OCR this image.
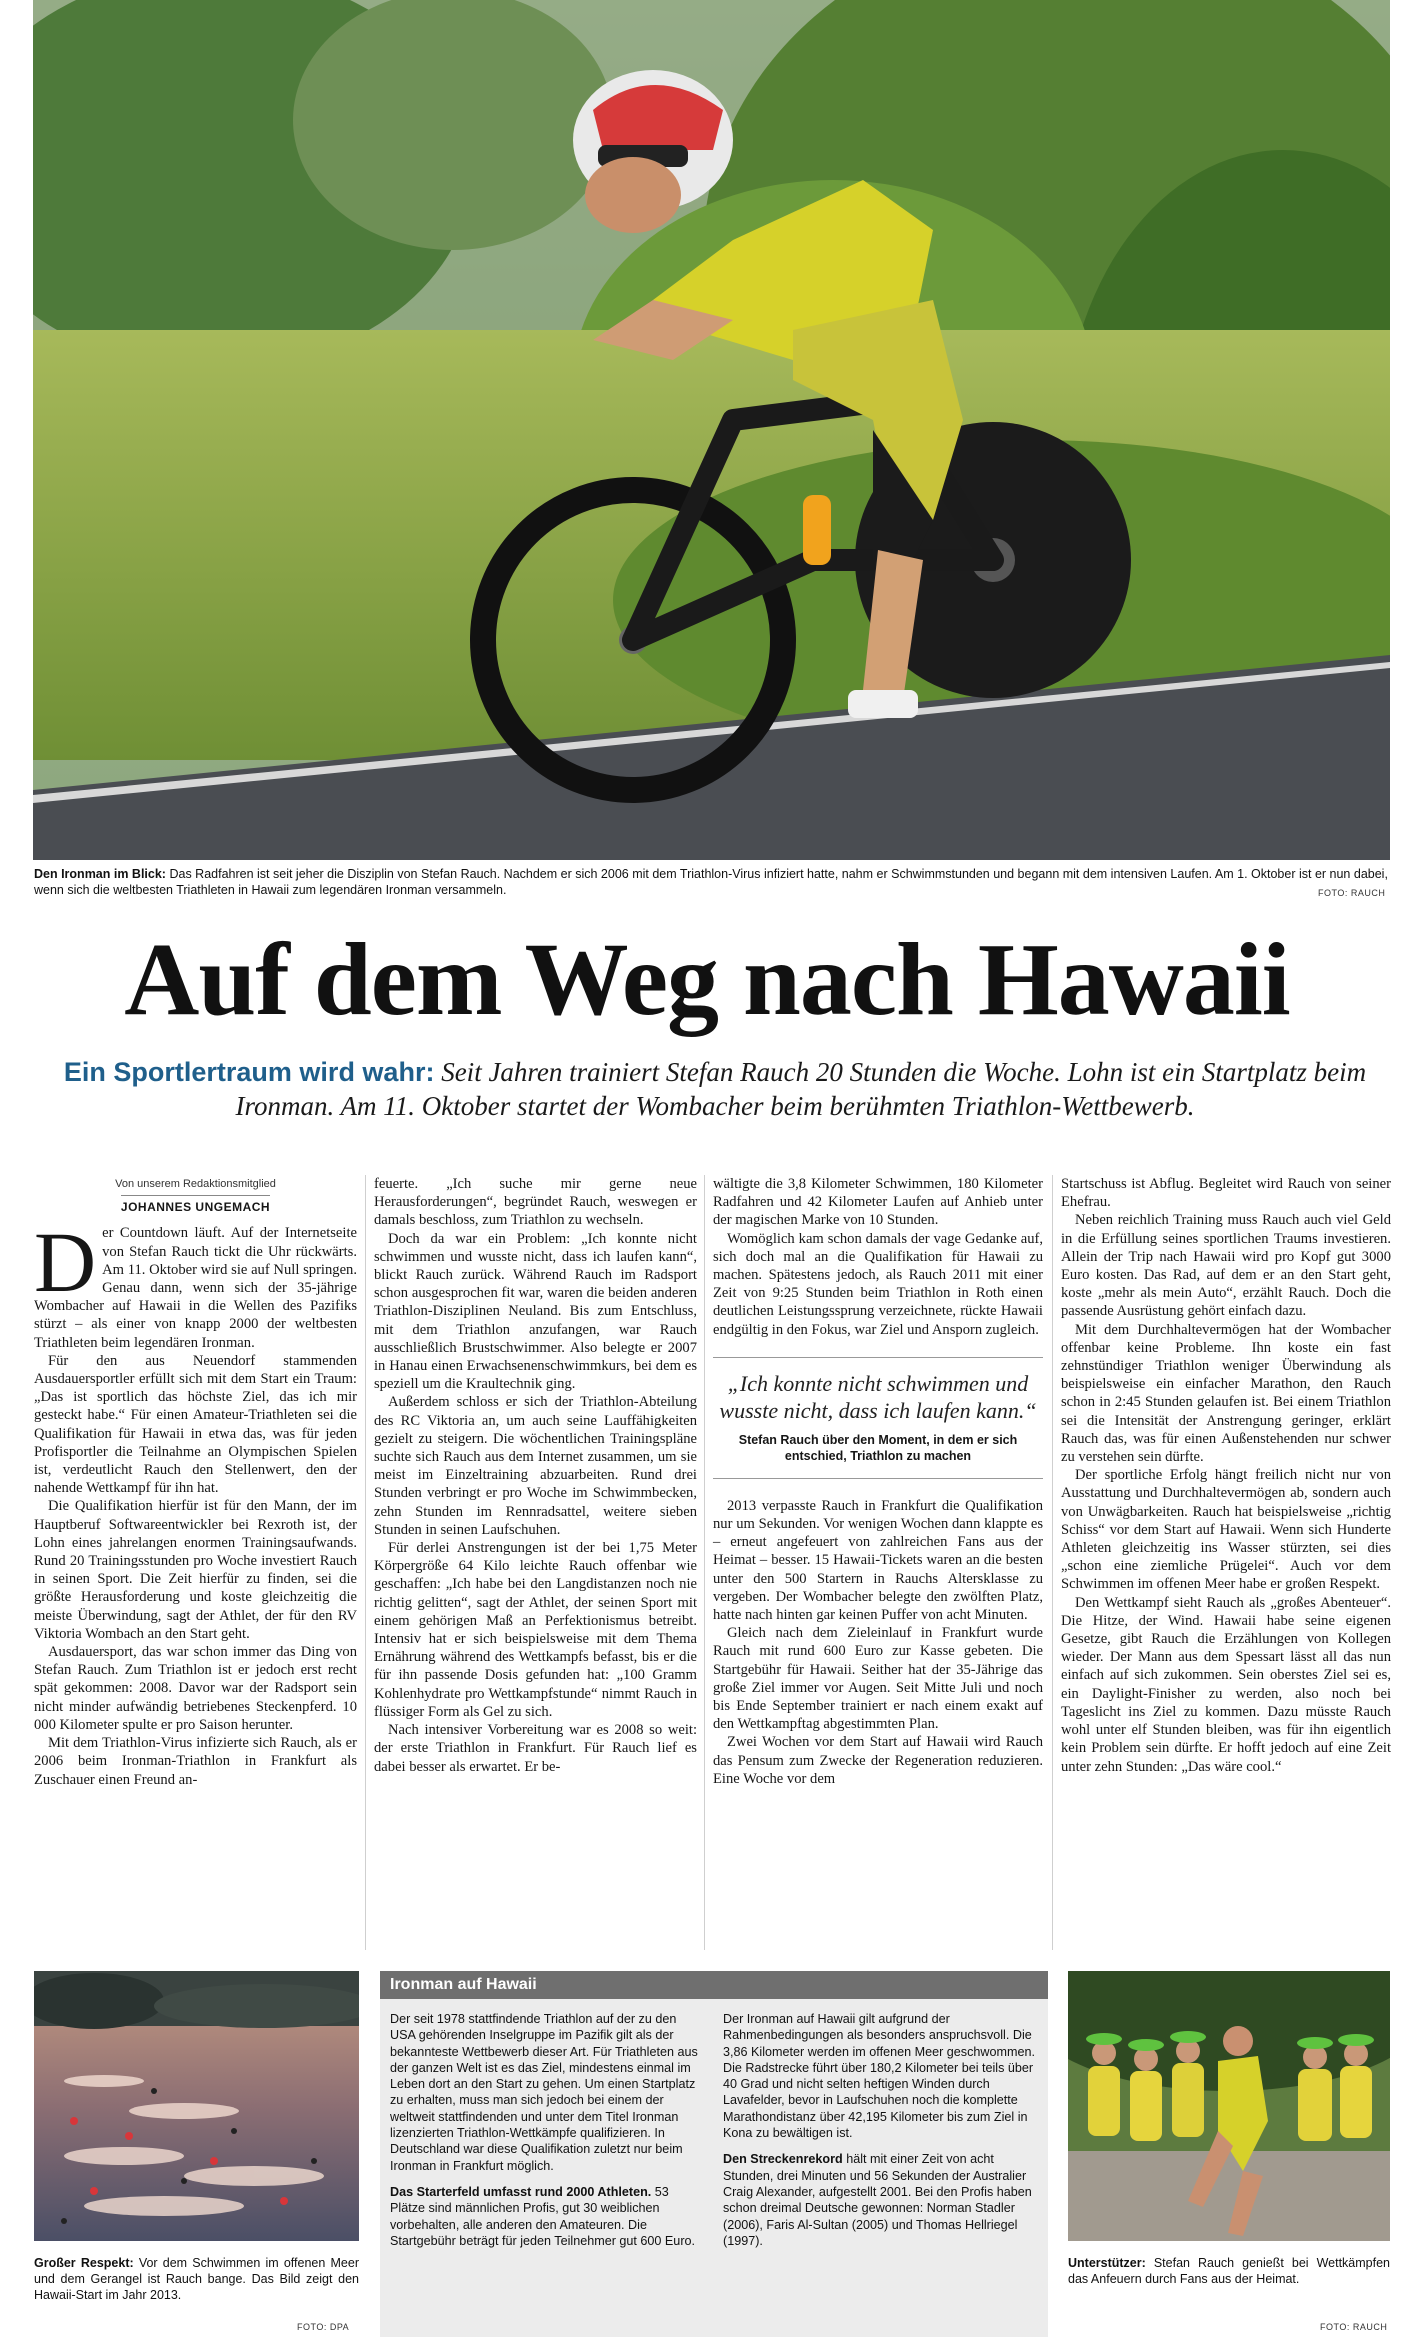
Den Ironman im Blick: Das Radfahren ist seit jeher die Disziplin von Stefan Rauch. Nachdem er sich 2006 mit dem Triathlon-Virus infiziert hatte, nahm er Schwimmstunden und begann mit dem intensiven Laufen. Am 1. Oktober ist er nun dabei, wenn sich die weltbesten Triathleten in Hawaii zum legendären Ironman versammeln.	FOTO: RAUCH
Auf dem Weg nach Hawaii
Ein Sportlertraum wird wahr: Seit Jahren trainiert Stefan Rauch 20 Stunden die Woche. Lohn ist ein Startplatz beim Ironman. Am 11. Oktober startet der Wombacher beim berühmten Triathlon-Wettbewerb.
Von unserem Redaktionsmitglied
JOHANNES UNGEMACH

Der Countdown läuft. Auf der Internetseite von Stefan Rauch tickt die Uhr rückwärts. Am 11. Oktober wird sie auf Null springen. Genau dann, wenn sich der 35-jährige Wombacher auf Hawaii in die Wellen des Pazifiks stürzt – als einer von knapp 2000 der weltbesten Triathleten beim legendären Ironman.

Für den aus Neuendorf stammenden Ausdauersportler erfüllt sich mit dem Start ein Traum: „Das ist sportlich das höchste Ziel, das ich mir gesteckt habe.“ Für einen Amateur-Triathleten sei die Qualifikation für Hawaii in etwa das, was für jeden Profisportler die Teilnahme an Olympischen Spielen ist, verdeutlicht Rauch den Stellenwert, den der nahende Wettkampf für ihn hat.

Die Qualifikation hierfür ist für den Mann, der im Hauptberuf Softwareentwickler bei Rexroth ist, der Lohn eines jahrelangen enormen Trainingsaufwands. Rund 20 Trainingsstunden pro Woche investiert Rauch in seinen Sport. Die Zeit hierfür zu finden, sei die größte Herausforderung und koste gleichzeitig die meiste Überwindung, sagt der Athlet, der für den RV Viktoria Wombach an den Start geht.

Ausdauersport, das war schon immer das Ding von Stefan Rauch. Zum Triathlon ist er jedoch erst recht spät gekommen: 2008. Davor war der Radsport sein nicht minder aufwändig betriebenes Steckenpferd. 10 000 Kilometer spulte er pro Saison herunter.

Mit dem Triathlon-Virus infizierte sich Rauch, als er 2006 beim Ironman-Triathlon in Frankfurt als Zuschauer einen Freund an-

feuerte. „Ich suche mir gerne neue Herausforderungen“, begründet Rauch, weswegen er damals beschloss, zum Triathlon zu wechseln.

Doch da war ein Problem: „Ich konnte nicht schwimmen und wusste nicht, dass ich laufen kann“, blickt Rauch zurück. Während Rauch im Radsport schon ausgesprochen fit war, waren die beiden anderen Triathlon-Disziplinen Neuland. Bis zum Entschluss, mit dem Triathlon anzufangen, war Rauch ausschließlich Brustschwimmer. Also belegte er 2007 in Hanau einen Erwachsenenschwimmkurs, bei dem es speziell um die Kraultechnik ging.

Außerdem schloss er sich der Triathlon-Abteilung des RC Viktoria an, um auch seine Lauffähigkeiten gezielt zu steigern. Die wöchentlichen Trainingspläne suchte sich Rauch aus dem Internet zusammen, um sie meist im Einzeltraining abzuarbeiten. Rund drei Stunden verbringt er pro Woche im Schwimmbecken, zehn Stunden im Rennradsattel, weitere sieben Stunden in seinen Laufschuhen.

Für derlei Anstrengungen ist der bei 1,75 Meter Körpergröße 64 Kilo leichte Rauch offenbar wie geschaffen: „Ich habe bei den Langdistanzen noch nie richtig gelitten“, sagt der Athlet, der seinen Sport mit einem gehörigen Maß an Perfektionismus betreibt. Intensiv hat er sich beispielsweise mit dem Thema Ernährung während des Wettkampfs befasst, bis er die für ihn passende Dosis gefunden hat: „100 Gramm Kohlenhydrate pro Wettkampfstunde“ nimmt Rauch in flüssiger Form als Gel zu sich.

Nach intensiver Vorbereitung war es 2008 so weit: der erste Triathlon in Frankfurt. Für Rauch lief es dabei besser als erwartet. Er be-

wältigte die 3,8 Kilometer Schwimmen, 180 Kilometer Radfahren und 42 Kilometer Laufen auf Anhieb unter der magischen Marke von 10 Stunden.

Womöglich kam schon damals der vage Gedanke auf, sich doch mal an die Qualifikation für Hawaii zu machen. Spätestens jedoch, als Rauch 2011 mit einer Zeit von 9:25 Stunden beim Triathlon in Roth einen deutlichen Leistungssprung verzeichnete, rückte Hawaii endgültig in den Fokus, war Ziel und Ansporn zugleich.

„Ich konnte nicht schwimmen und wusste nicht, dass ich laufen kann.“
Stefan Rauch über den Moment, in dem er sich entschied, Triathlon zu machen

2013 verpasste Rauch in Frankfurt die Qualifikation nur um Sekunden. Vor wenigen Wochen dann klappte es – erneut angefeuert von zahlreichen Fans aus der Heimat – besser. 15 Hawaii-Tickets waren an die besten unter den 500 Startern in Rauchs Altersklasse zu vergeben. Der Wombacher belegte den zwölften Platz, hatte nach hinten gar keinen Puffer von acht Minuten.

Gleich nach dem Zieleinlauf in Frankfurt wurde Rauch mit rund 600 Euro zur Kasse gebeten. Die Startgebühr für Hawaii. Seither hat der 35-Jährige das große Ziel immer vor Augen. Seit Mitte Juli und noch bis Ende September trainiert er nach einem exakt auf den Wettkampftag abgestimmten Plan.

Zwei Wochen vor dem Start auf Hawaii wird Rauch das Pensum zum Zwecke der Regeneration reduzieren. Eine Woche vor dem

Startschuss ist Abflug. Begleitet wird Rauch von seiner Ehefrau.

Neben reichlich Training muss Rauch auch viel Geld in die Erfüllung seines sportlichen Traums investieren. Allein der Trip nach Hawaii wird pro Kopf gut 3000 Euro kosten. Das Rad, auf dem er an den Start geht, koste „mehr als mein Auto“, erzählt Rauch. Doch die passende Ausrüstung gehört einfach dazu.

Mit dem Durchhaltevermögen hat der Wombacher offenbar keine Probleme. Ihn koste ein fast zehnstündiger Triathlon weniger Überwindung als beispielsweise ein einfacher Marathon, den Rauch schon in 2:45 Stunden gelaufen ist. Bei einem Triathlon sei die Intensität der Anstrengung geringer, erklärt Rauch das, was für einen Außenstehenden nur schwer zu verstehen sein dürfte.

Der sportliche Erfolg hängt freilich nicht nur von Ausstattung und Durchhaltevermögen ab, sondern auch von Unwägbarkeiten. Rauch hat beispielsweise „richtig Schiss“ vor dem Start auf Hawaii. Wenn sich Hunderte Athleten gleichzeitig ins Wasser stürzten, sei dies „schon eine ziemliche Prügelei“. Auch vor dem Schwimmen im offenen Meer habe er großen Respekt.

Den Wettkampf sieht Rauch als „großes Abenteuer“. Die Hitze, der Wind. Hawaii habe seine eigenen Gesetze, gibt Rauch die Erzählungen von Kollegen wieder. Der Mann aus dem Spessart lässt all das nun einfach auf sich zukommen. Sein oberstes Ziel sei es, ein Daylight-Finisher zu werden, also noch bei Tageslicht ins Ziel zu kommen. Dazu müsste Rauch wohl unter elf Stunden bleiben, was für ihn eigentlich kein Problem sein dürfte. Er hofft jedoch auf eine Zeit unter zehn Stunden: „Das wäre cool.“

Großer Respekt: Vor dem Schwimmen im offenen Meer und dem Gerangel ist Rauch bange. Das Bild zeigt den Hawaii-Start im Jahr 2013.
FOTO: DPA
Ironman auf Hawaii

Der seit 1978 stattfindende Triathlon auf der zu den USA gehörenden Inselgruppe im Pazifik gilt als der bekannteste Wettbewerb dieser Art. Für Triathleten aus der ganzen Welt ist es das Ziel, mindestens einmal im Leben dort an den Start zu gehen. Um einen Startplatz zu erhalten, muss man sich jedoch bei einem der weltweit stattfindenden und unter dem Titel Ironman lizenzierten Triathlon-Wettkämpfe qualifizieren. In Deutschland war diese Qualifikation zuletzt nur beim Ironman in Frankfurt möglich.

Das Starterfeld umfasst rund 2000 Athleten. 53 Plätze sind männlichen Profis, gut 30 weiblichen vorbehalten, alle anderen den Amateuren. Die Startgebühr beträgt für jeden Teilnehmer gut 600 Euro. Der Ironman auf Hawaii gilt aufgrund der Rahmenbedingungen als besonders anspruchsvoll. Die 3,86 Kilometer werden im offenen Meer geschwommen. Die Radstrecke führt über 180,2 Kilometer bei teils über 40 Grad und nicht selten heftigen Winden durch Lavafelder, bevor in Laufschuhen noch die komplette Marathondistanz über 42,195 Kilometer bis zum Ziel in Kona zu bewältigen ist.

Den Streckenrekord hält mit einer Zeit von acht Stunden, drei Minuten und 56 Sekunden der Australier Craig Alexander, aufgestellt 2001. Bei den Profis haben schon dreimal Deutsche gewonnen: Norman Stadler (2006), Faris Al-Sultan (2005) und Thomas Hellriegel (1997).

Unterstützer: Stefan Rauch genießt bei Wettkämpfen das Anfeuern durch Fans aus der Heimat.
FOTO: RAUCH
